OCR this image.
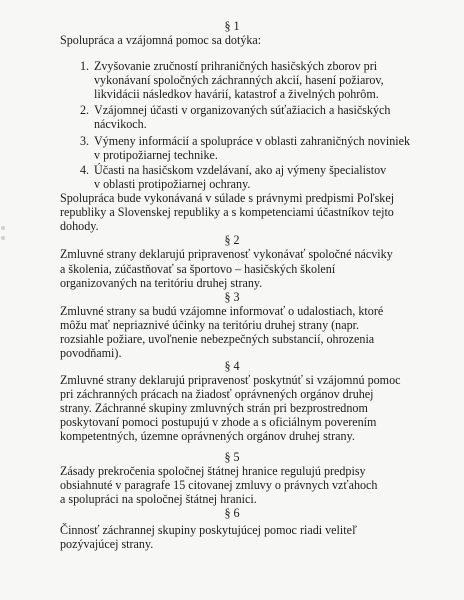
§ 1
Spolupráca a vzájomná pomoc sa dotýka:
1. Zvyšovanie zručností prihraničných hasičských zborov pri
vykonávaní spoločných záchranných akcií, hasení požiarov,
likvidácii následkov havárií, katastrof a živelných pohrôm.
2. Vzájomnej účasti v organizovaných súťažiacich a hasičských
nácvikoch.
3. Výmeny informácií a spolupráce v oblasti zahraničných noviniek
v protipožiarnej technike.
4. Účasti na hasičskom vzdelávaní, ako aj výmeny špecialistov
v oblasti protipožiarnej ochrany.
Spolupráca bude vykonávaná v súlade s právnymi predpismi Poľskej
republiky a Slovenskej republiky a s kompetenciami účastníkov tejto
dohody.
§ 2
Zmluvné strany deklarujú pripravenosť vykonávať spoločné nácviky
a školenia, zúčastňovať sa športovo – hasičských školení
organizovaných na teritóriu druhej strany.
§ 3
Zmluvné strany sa budú vzájomne informovať o udalostiach, ktoré
môžu mať nepriaznivé účinky na teritóriu druhej strany (napr.
rozsiahle požiare, uvoľnenie nebezpečných substancií, ohrozenia
povodňami).
§ 4
Zmluvné strany deklarujú pripravenosť poskytnúť si vzájomnú pomoc
pri záchranných prácach na žiadosť oprávnených orgánov druhej
strany. Záchranné skupiny zmluvných strán pri bezprostrednom
poskytovaní pomoci postupujú v zhode a s oficiálnym poverením
kompetentných, územne oprávnených orgánov druhej strany.
§ 5
Zásady prekročenia spoločnej štátnej hranice regulujú predpisy
obsiahnuté v paragrafe 15 citovanej zmluvy o právnych vzťahoch
a spolupráci na spoločnej štátnej hranici.
§ 6
Činnosť záchrannej skupiny poskytujúcej pomoc riadi veliteľ
pozývajúcej strany.
